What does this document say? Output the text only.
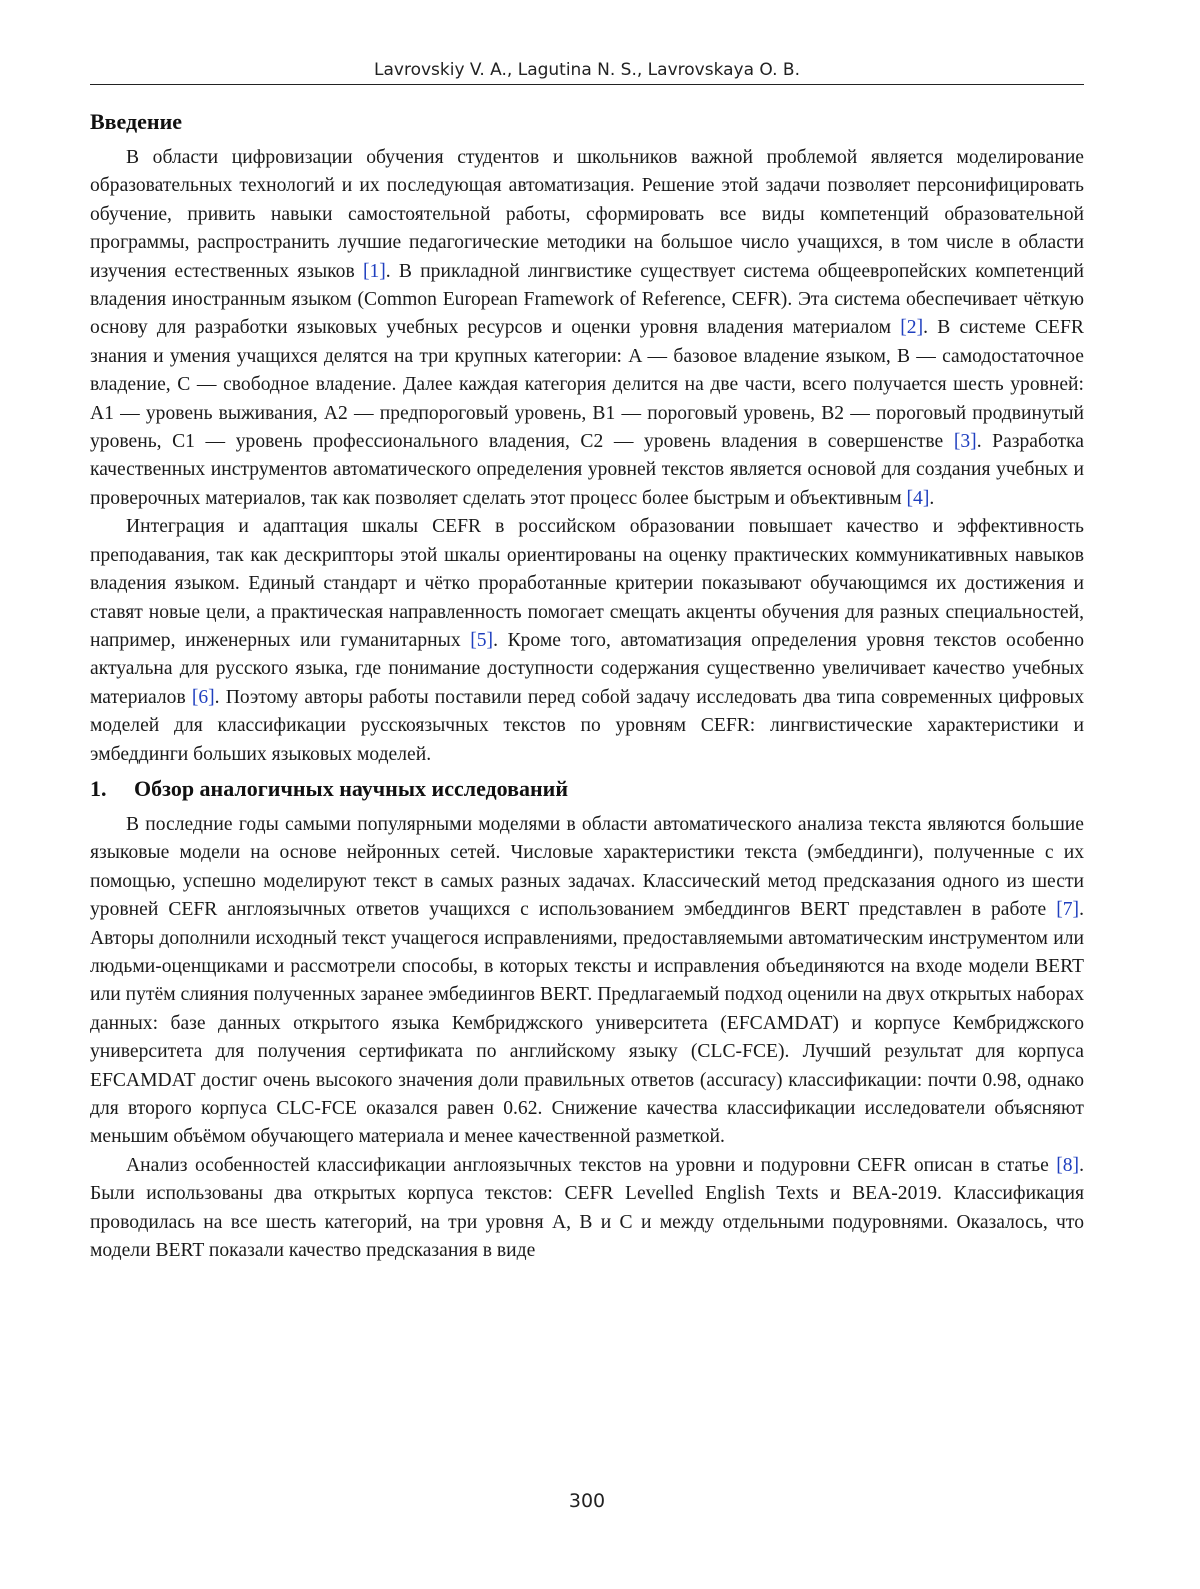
Lavrovskiy V. A., Lagutina N. S., Lavrovskaya O. B.
Введение

В области цифровизации обучения студентов и школьников важной проблемой является моделирование образовательных технологий и их последующая автоматизация. Решение этой задачи позволяет персонифицировать обучение, привить навыки самостоятельной работы, сформировать все виды компетенций образовательной программы, распространить лучшие педагогические методики на большое число учащихся, в том числе в области изучения естественных языков [1]. В прикладной лингвистике существует система общеевропейских компетенций владения иностранным языком (Common European Framework of Reference, CEFR). Эта система обеспечивает чёткую основу для разработки языковых учебных ресурсов и оценки уровня владения материалом [2]. В системе CEFR знания и умения учащихся делятся на три крупных категории: A — базовое владение языком, B — самодостаточное владение, C — свободное владение. Далее каждая категория делится на две части, всего получается шесть уровней: A1 — уровень выживания, A2 — предпороговый уровень, B1 — пороговый уровень, B2 — пороговый продвинутый уровень, C1 — уровень профессионального владения, C2 — уровень владения в совершенстве [3]. Разработка качественных инструментов автоматического определения уровней текстов является основой для создания учебных и проверочных материалов, так как позволяет сделать этот процесс более быстрым и объективным [4].

Интеграция и адаптация шкалы CEFR в российском образовании повышает качество и эффективность преподавания, так как дескрипторы этой шкалы ориентированы на оценку практических коммуникативных навыков владения языком. Единый стандарт и чётко проработанные критерии показывают обучающимся их достижения и ставят новые цели, а практическая направленность помогает смещать акценты обучения для разных специальностей, например, инженерных или гуманитарных [5]. Кроме того, автоматизация определения уровня текстов особенно актуальна для русского языка, где понимание доступности содержания существенно увеличивает качество учебных материалов [6]. Поэтому авторы работы поставили перед собой задачу исследовать два типа современных цифровых моделей для классификации русскоязычных текстов по уровням CEFR: лингвистические характеристики и эмбеддинги больших языковых моделей.

1. Обзор аналогичных научных исследований

В последние годы самыми популярными моделями в области автоматического анализа текста являются большие языковые модели на основе нейронных сетей. Числовые характеристики текста (эмбеддинги), полученные с их помощью, успешно моделируют текст в самых разных задачах. Классический метод предсказания одного из шести уровней CEFR англоязычных ответов учащихся с использованием эмбеддингов BERT представлен в работе [7]. Авторы дополнили исходный текст учащегося исправлениями, предоставляемыми автоматическим инструментом или людьми-оценщиками и рассмотрели способы, в которых тексты и исправления объединяются на входе модели BERT или путём слияния полученных заранее эмбедиингов BERT. Предлагаемый подход оценили на двух открытых наборах данных: базе данных открытого языка Кембриджского университета (EFCAMDAT) и корпусе Кембриджского университета для получения сертификата по английскому языку (CLC-FCE). Лучший результат для корпуса EFCAMDAT достиг очень высокого значения доли правильных ответов (accuracy) классификации: почти 0.98, однако для второго корпуса CLC-FCE оказался равен 0.62. Снижение качества классификации исследователи объясняют меньшим объёмом обучающего материала и менее качественной разметкой.

Анализ особенностей классификации англоязычных текстов на уровни и подуровни CEFR описан в статье [8]. Были использованы два открытых корпуса текстов: CEFR Levelled English Texts и BEA-2019. Классификация проводилась на все шесть категорий, на три уровня A, B и C и между отдельными подуровнями. Оказалось, что модели BERT показали качество предсказания в виде

300
